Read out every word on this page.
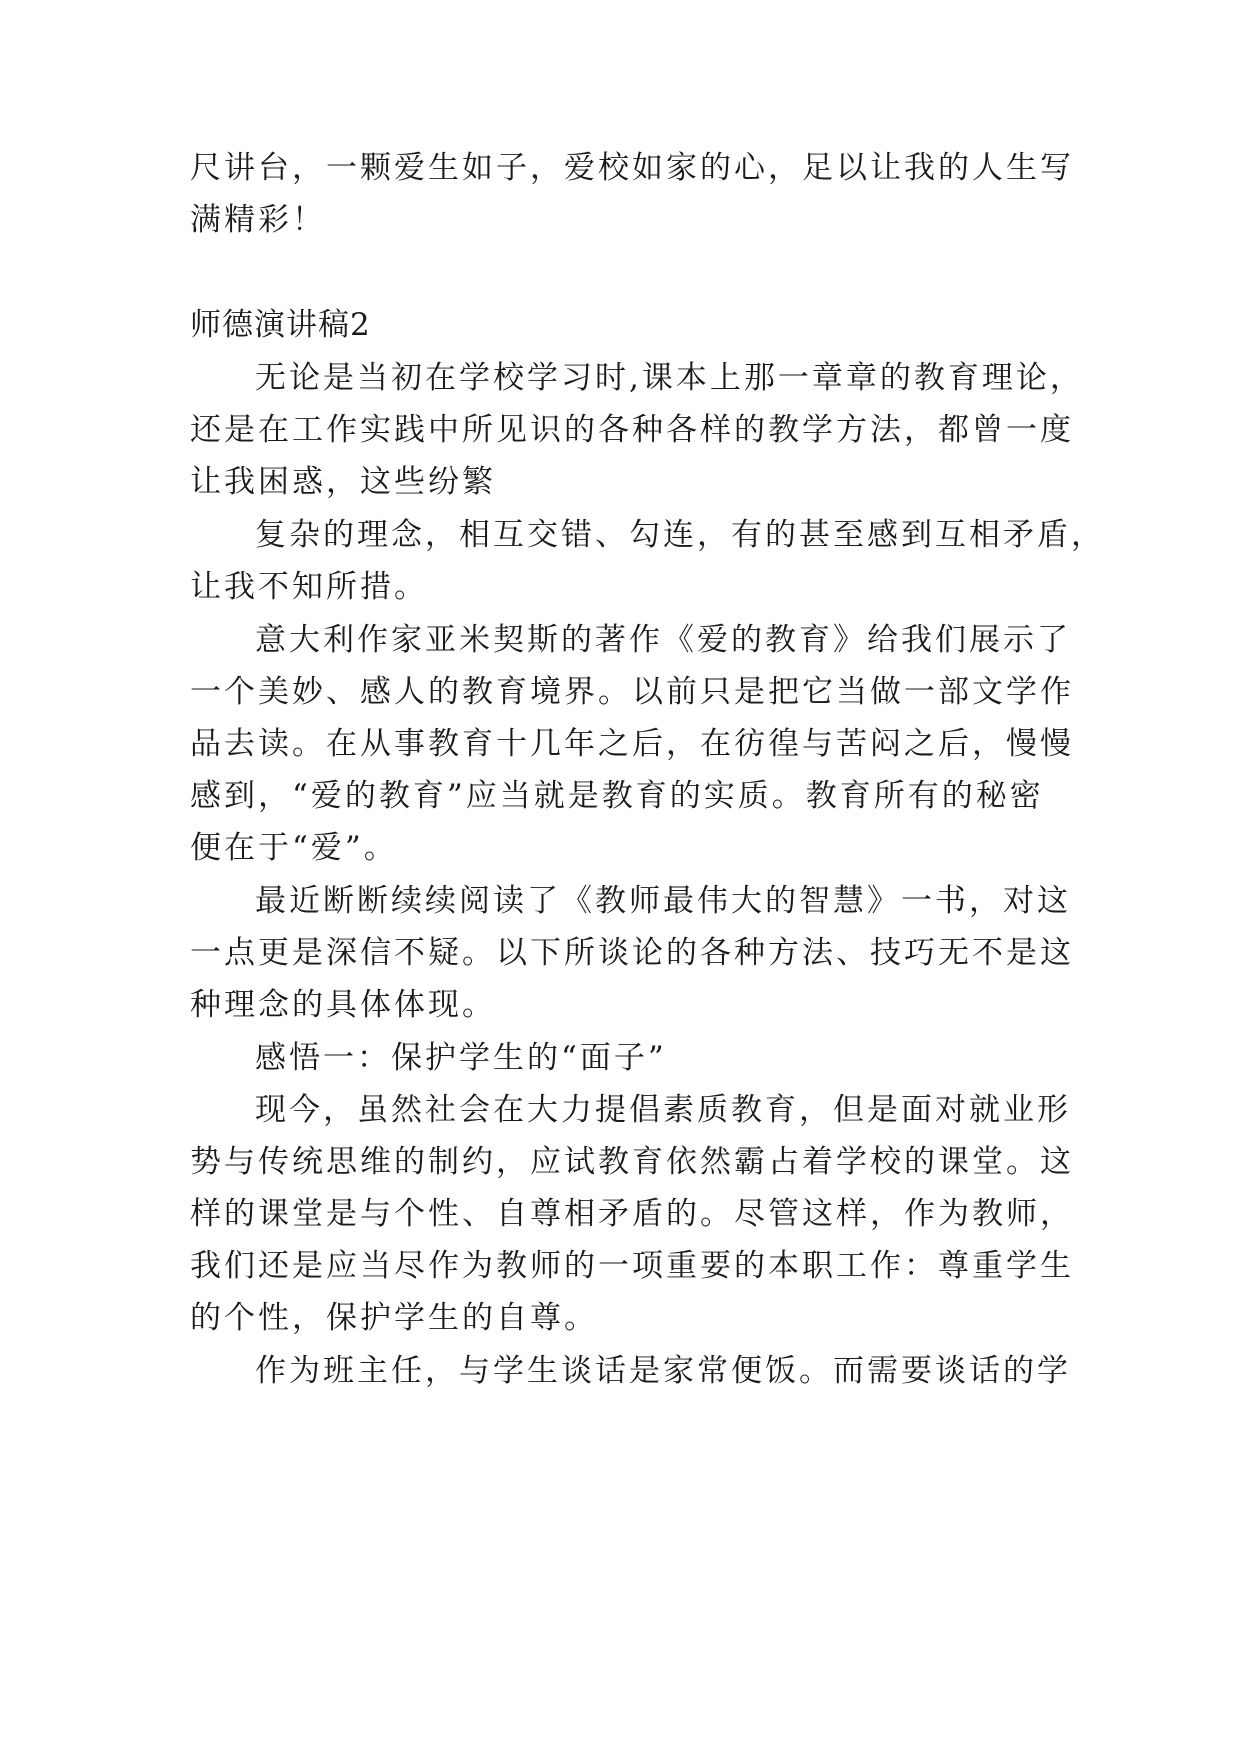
尺讲台，一颗爱生如子，爱校如家的心，足以让我的人生写
满精彩！
师德演讲稿2
无论是当初在学校学习时,课本上那一章章的教育理论，
还是在工作实践中所见识的各种各样的教学方法，都曾一度
让我困惑，这些纷繁
复杂的理念，相互交错、勾连，有的甚至感到互相矛盾，
让我不知所措。
意大利作家亚米契斯的著作《爱的教育》给我们展示了
一个美妙、感人的教育境界。以前只是把它当做一部文学作
品去读。在从事教育十几年之后，在彷徨与苦闷之后，慢慢
感到，“爱的教育”应当就是教育的实质。教育所有的秘密
便在于“爱”。
最近断断续续阅读了《教师最伟大的智慧》一书，对这
一点更是深信不疑。以下所谈论的各种方法、技巧无不是这
种理念的具体体现。
感悟一：保护学生的“面子”
现今，虽然社会在大力提倡素质教育，但是面对就业形
势与传统思维的制约，应试教育依然霸占着学校的课堂。这
样的课堂是与个性、自尊相矛盾的。尽管这样，作为教师，
我们还是应当尽作为教师的一项重要的本职工作：尊重学生
的个性，保护学生的自尊。
作为班主任，与学生谈话是家常便饭。而需要谈话的学
